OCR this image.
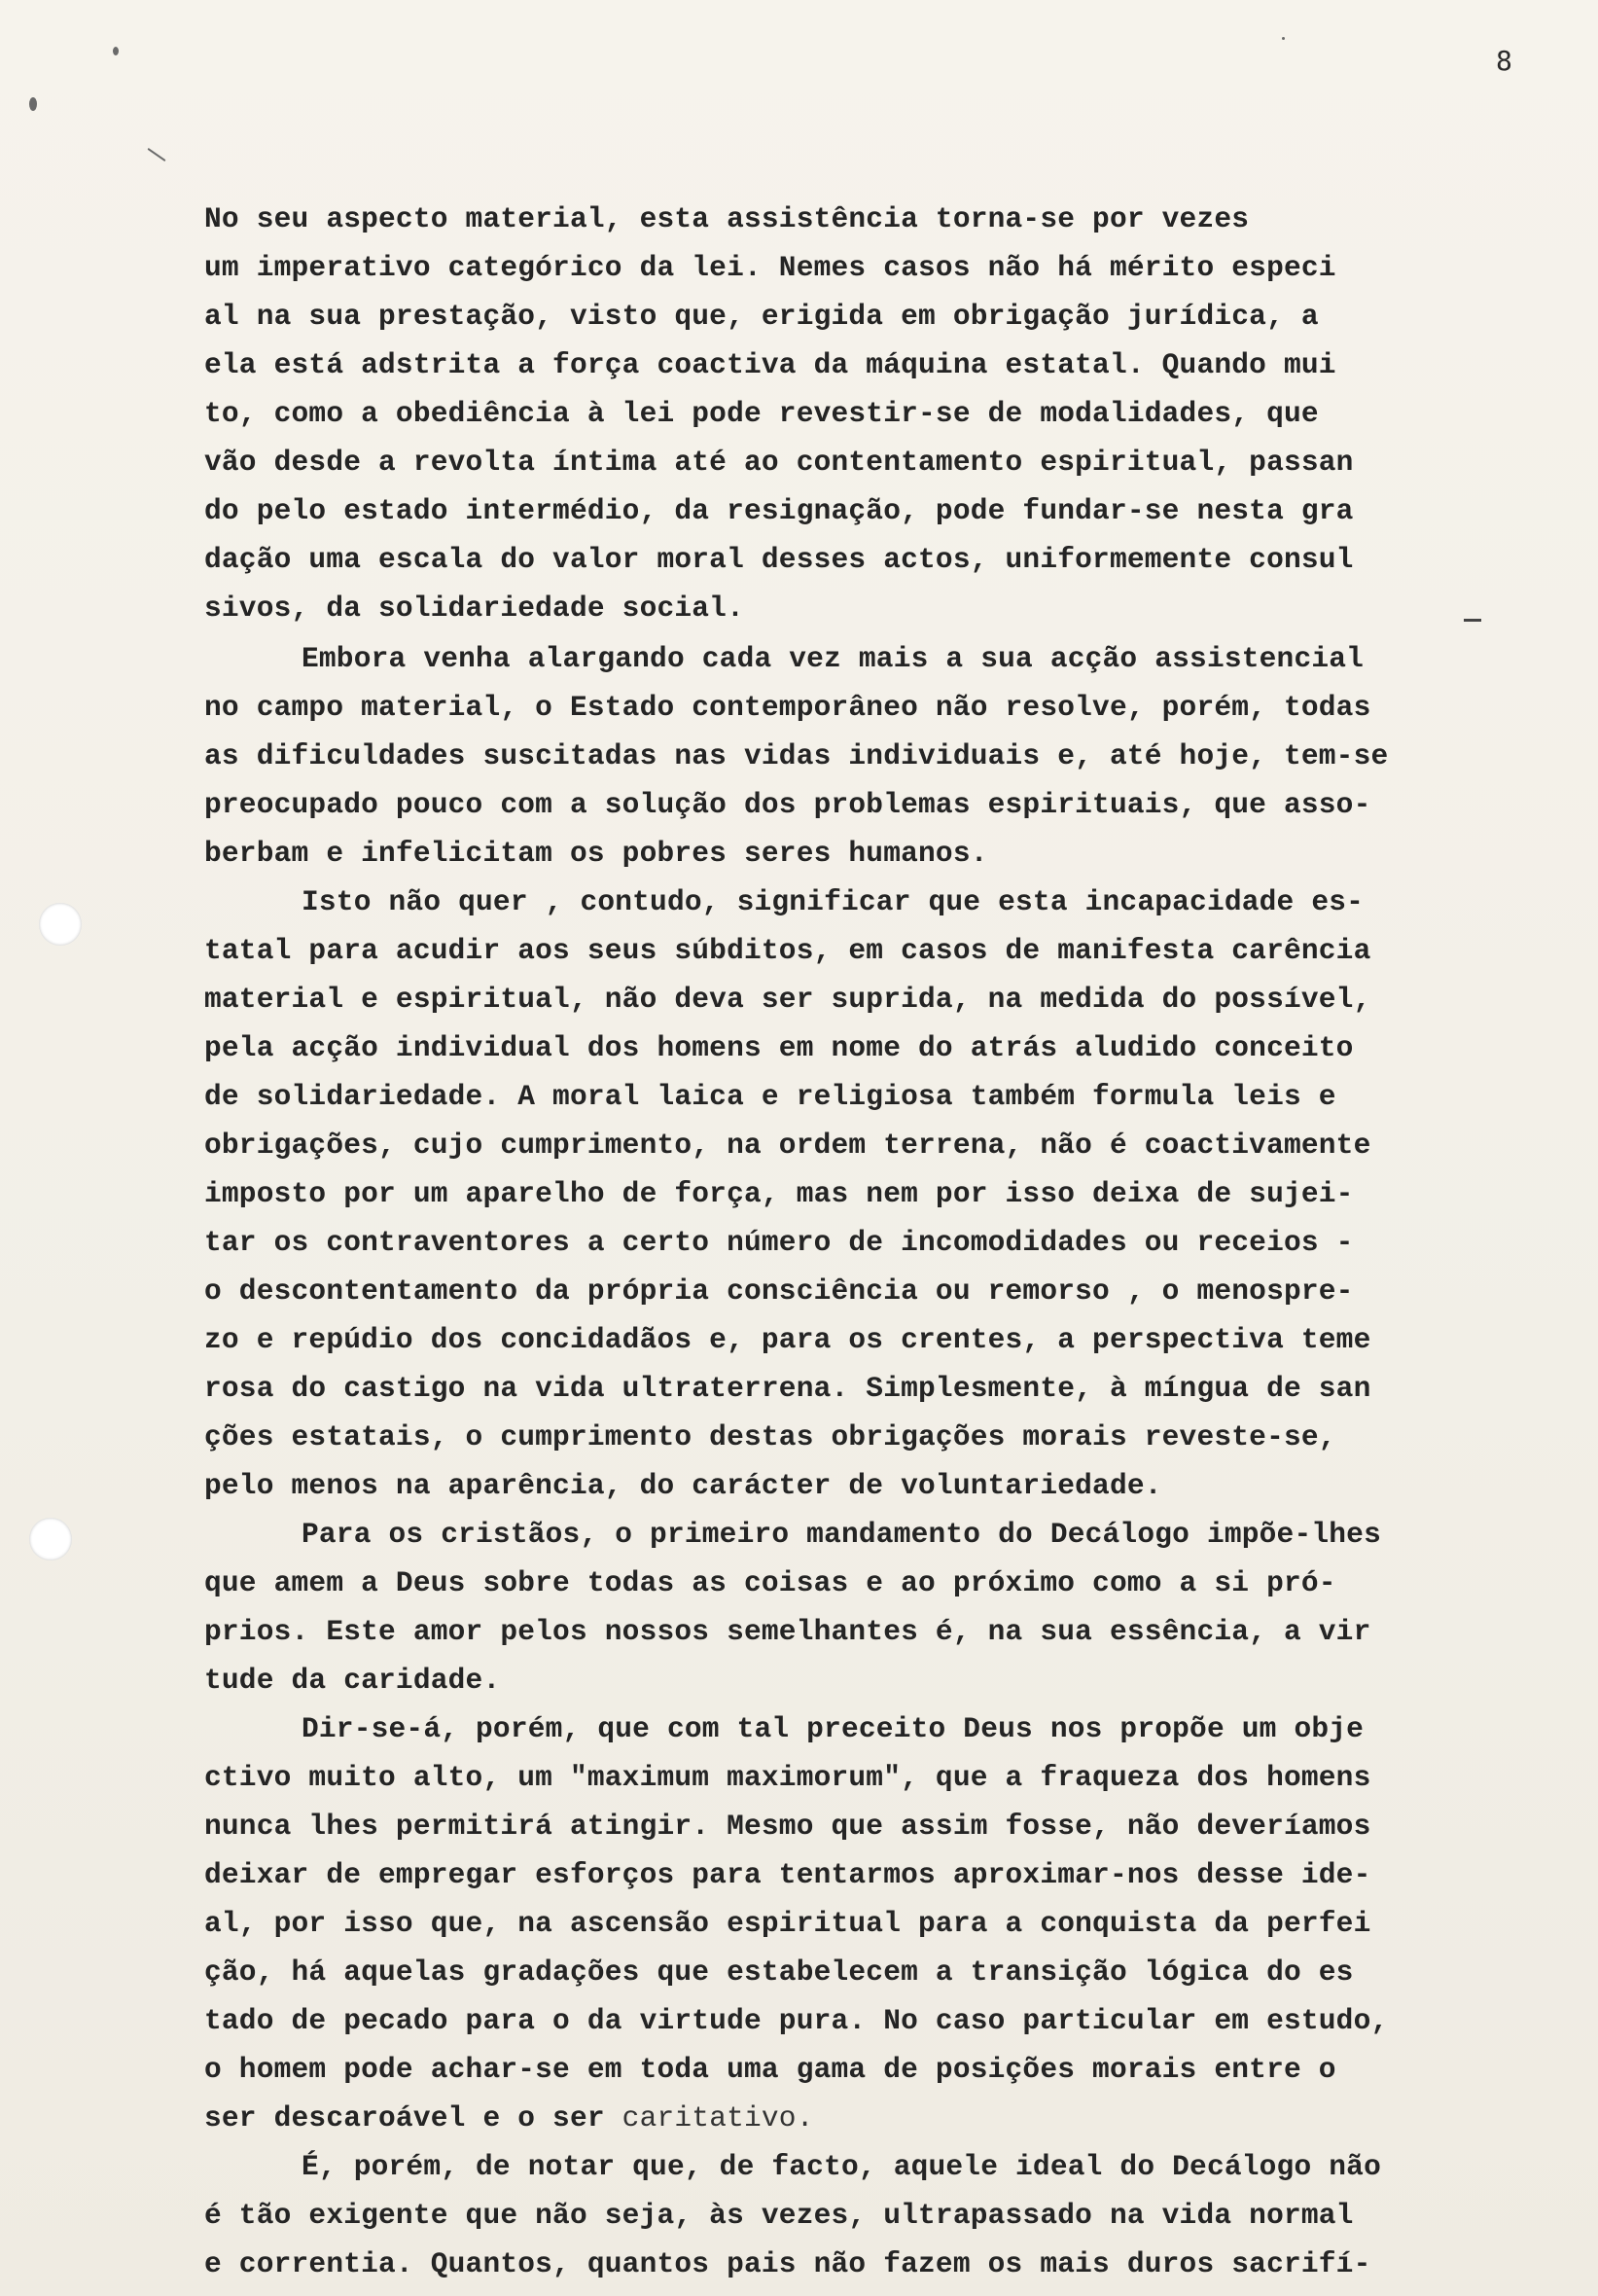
8
No seu aspecto material, esta assistência torna-se por vezes
um imperativo categórico da lei. Nemes casos não há mérito especi
al na sua prestação, visto que, erigida em obrigação jurídica, a
ela está adstrita a força coactiva da máquina estatal. Quando mui
to, como a obediência à lei pode revestir-se de modalidades, que
vão desde a revolta íntima até ao contentamento espiritual, passan
do pelo estado intermédio, da resignação, pode fundar-se nesta gra
dação uma escala do valor moral desses actos, uniformemente consul
sivos, da solidariedade social.
Embora venha alargando cada vez mais a sua acção assistencial
no campo material, o Estado contemporâneo não resolve, porém, todas
as dificuldades suscitadas nas vidas individuais e, até hoje, tem-se
preocupado pouco com a solução dos problemas espirituais, que asso-
berbam e infelicitam os pobres seres humanos.
Isto não quer , contudo, significar que esta incapacidade es-
tatal para acudir aos seus súbditos, em casos de manifesta carência
material e espiritual, não deva ser suprida, na medida do possível,
pela acção individual dos homens em nome do atrás aludido conceito
de solidariedade. A moral laica e religiosa também formula leis e
obrigações, cujo cumprimento, na ordem terrena, não é coactivamente
imposto por um aparelho de força, mas nem por isso deixa de sujei-
tar os contraventores a certo número de incomodidades ou receios -
o descontentamento da própria consciência ou remorso , o menospre-
zo e repúdio dos concidadãos e, para os crentes, a perspectiva teme
rosa do castigo na vida ultraterrena. Simplesmente, à míngua de san
ções estatais, o cumprimento destas obrigações morais reveste-se,
pelo menos na aparência, do carácter de voluntariedade.
Para os cristãos, o primeiro mandamento do Decálogo impõe-lhes
que amem a Deus sobre todas as coisas e ao próximo como a si pró-
prios. Este amor pelos nossos semelhantes é, na sua essência, a vir
tude da caridade.
Dir-se-á, porém, que com tal preceito Deus nos propõe um obje
ctivo muito alto, um "maximum maximorum", que a fraqueza dos homens
nunca lhes permitirá atingir. Mesmo que assim fosse, não deveríamos
deixar de empregar esforços para tentarmos aproximar-nos desse ide-
al, por isso que, na ascensão espiritual para a conquista da perfei
ção, há aquelas gradações que estabelecem a transição lógica do es
tado de pecado para o da virtude pura. No caso particular em estudo,
o homem pode achar-se em toda uma gama de posições morais entre o
ser descaroável e o ser caritativo.
É, porém, de notar que, de facto, aquele ideal do Decálogo não
é tão exigente que não seja, às vezes, ultrapassado na vida normal
e correntia. Quantos, quantos pais não fazem os mais duros sacrifí-
